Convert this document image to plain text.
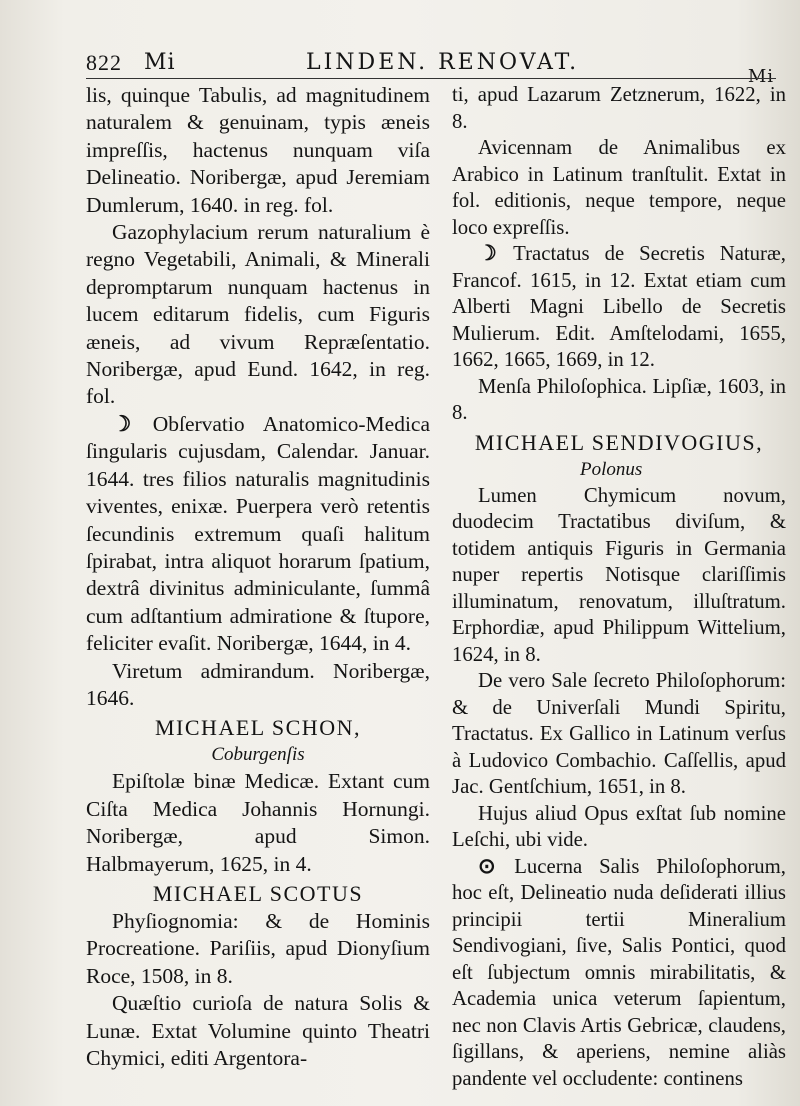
822 Mi	LINDEN. RENOVAT.
Mi

lis, quinque Tabulis, ad magnitudinem naturalem & genuinam, typis æneis impreſſis, hactenus nunquam viſa Delineatio. Noribergæ, apud Jeremiam Dumlerum, 1640. in reg. fol.

Gazophylacium rerum naturalium è regno Vegetabili, Animali, & Minerali depromptarum nunquam hactenus in lucem editarum fidelis, cum Figuris æneis, ad vivum Repræſentatio. Noribergæ, apud Eund. 1642, in reg. fol.

☽ Obſervatio Anatomico-Medica ſingularis cujusdam, Calendar. Januar. 1644. tres filios naturalis magnitudinis viventes, enixæ. Puerpera verò retentis ſecundinis extremum quaſi halitum ſpirabat, intra aliquot horarum ſpatium, dextrâ divinitus adminiculante, ſummâ cum adſtantium admiratione & ſtupore, feliciter evaſit. Noribergæ, 1644, in 4.

Viretum admirandum. Noribergæ, 1646.

MICHAEL SCHON,
Coburgenſis

Epiſtolæ binæ Medicæ. Extant cum Ciſta Medica Johannis Hornungi. Noribergæ, apud Simon. Halbmayerum, 1625, in 4.

MICHAEL SCOTUS

Phyſiognomia: & de Hominis Procreatione. Pariſiis, apud Dionyſium Roce, 1508, in 8.

Quæſtio curioſa de natura Solis & Lunæ. Extat Volumine quinto Theatri Chymici, editi Argentora-

ti, apud Lazarum Zetznerum, 1622, in 8.

Avicennam de Animalibus ex Arabico in Latinum tranſtulit. Extat in fol. editionis, neque tempore, neque loco expreſſis.

☽ Tractatus de Secretis Naturæ, Francof. 1615, in 12. Extat etiam cum Alberti Magni Libello de Secretis Mulierum. Edit. Amſtelodami, 1655, 1662, 1665, 1669, in 12.

Menſa Philoſophica. Lipſiæ, 1603, in 8.

MICHAEL SENDIVOGIUS,
Polonus

Lumen Chymicum novum, duodecim Tractatibus diviſum, & totidem antiquis Figuris in Germania nuper repertis Notisque clariſſimis illuminatum, renovatum, illuſtratum. Erphordiæ, apud Philippum Wittelium, 1624, in 8.

De vero Sale ſecreto Philoſophorum: & de Univerſali Mundi Spiritu, Tractatus. Ex Gallico in Latinum verſus à Ludovico Combachio. Caſſellis, apud Jac. Gentſchium, 1651, in 8.

Hujus aliud Opus exſtat ſub nomine Leſchi, ubi vide.

⊙ Lucerna Salis Philoſophorum, hoc eſt, Delineatio nuda deſiderati illius principii tertii Mineralium Sendivogiani, ſive, Salis Pontici, quod eſt ſubjectum omnis mirabilitatis, & Academia unica veterum ſapientum, nec non Clavis Artis Gebricæ, claudens, ſigillans, & aperiens, nemine aliàs pandente vel occludente: continens
